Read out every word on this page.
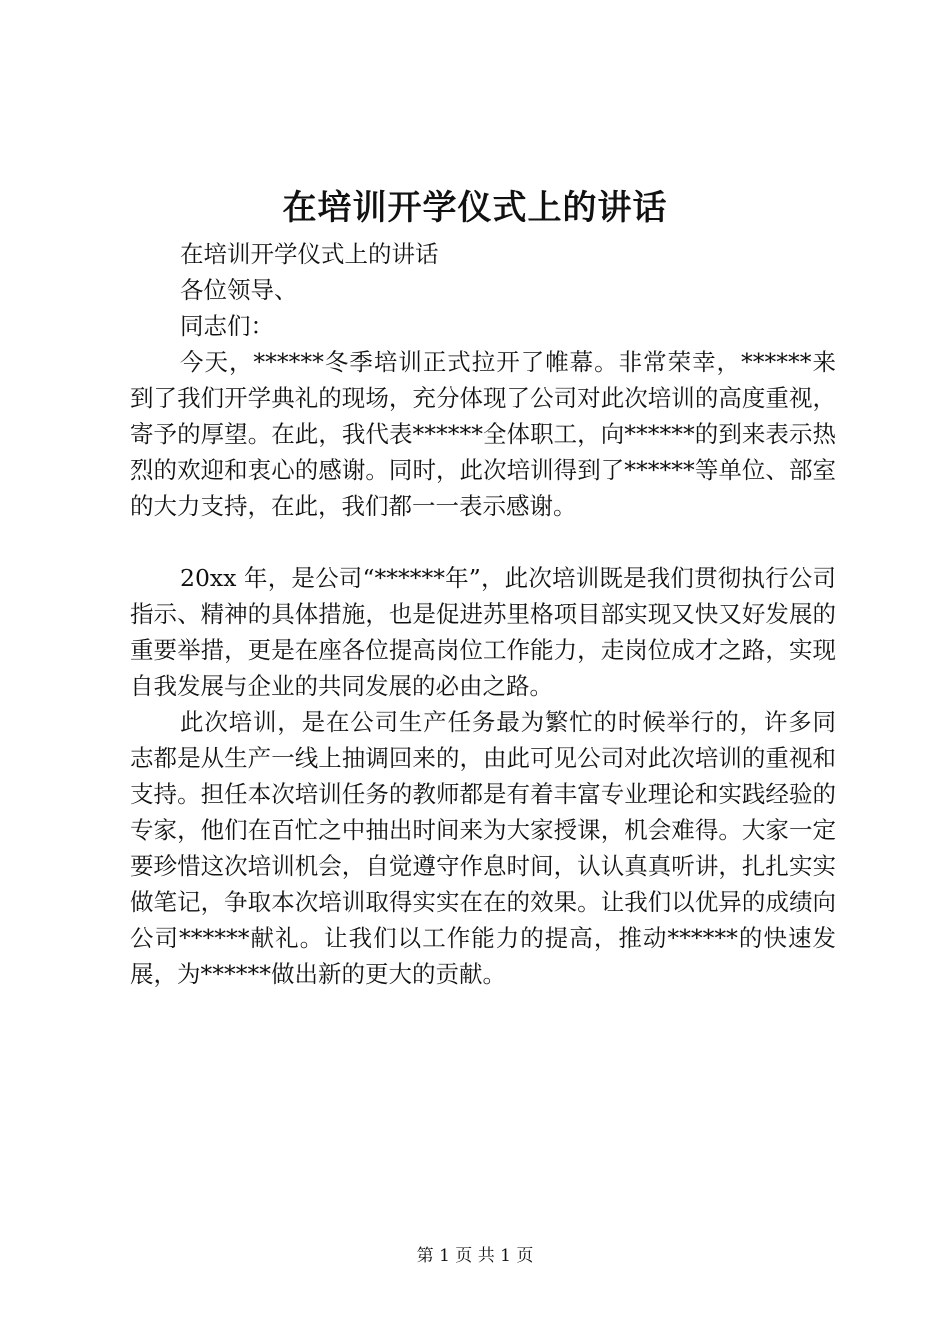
在培训开学仪式上的讲话

在培训开学仪式上的讲话

各位领导、

同志们：

今天，******冬季培训正式拉开了帷幕。非常荣幸，******来到了我们开学典礼的现场，充分体现了公司对此次培训的高度重视，寄予的厚望。在此，我代表******全体职工，向******的到来表示热烈的欢迎和衷心的感谢。同时，此次培训得到了******等单位、部室的大力支持，在此，我们都一一表示感谢。

20xx 年，是公司“******年”，此次培训既是我们贯彻执行公司指示、精神的具体措施，也是促进苏里格项目部实现又快又好发展的重要举措，更是在座各位提高岗位工作能力，走岗位成才之路，实现自我发展与企业的共同发展的必由之路。

此次培训，是在公司生产任务最为繁忙的时候举行的，许多同志都是从生产一线上抽调回来的，由此可见公司对此次培训的重视和支持。担任本次培训任务的教师都是有着丰富专业理论和实践经验的专家，他们在百忙之中抽出时间来为大家授课，机会难得。大家一定要珍惜这次培训机会，自觉遵守作息时间，认认真真听讲，扎扎实实做笔记，争取本次培训取得实实在在的效果。让我们以优异的成绩向公司******献礼。让我们以工作能力的提高，推动******的快速发展，为******做出新的更大的贡献。

第 1 页 共 1 页
